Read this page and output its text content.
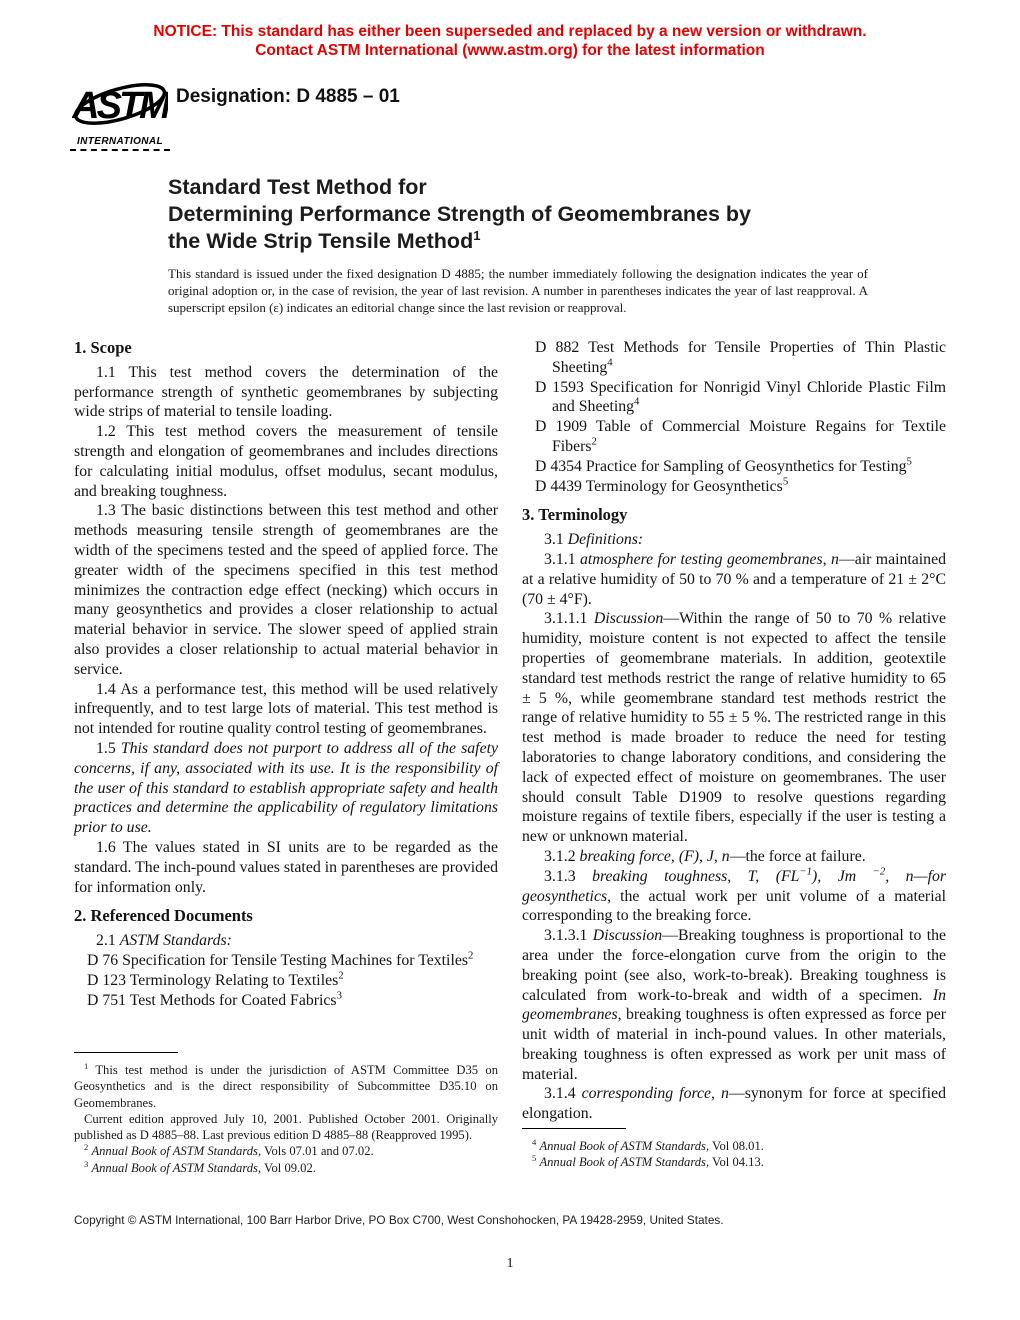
NOTICE: This standard has either been superseded and replaced by a new version or withdrawn.
Contact ASTM International (www.astm.org) for the latest information
ASTM
INTERNATIONAL
Designation: D 4885 – 01
Standard Test Method for
Determining Performance Strength of Geomembranes by
the Wide Strip Tensile Method$^1$

This standard is issued under the fixed designation D 4885; the number immediately following the designation indicates the year of original adoption or, in the case of revision, the year of last revision. A number in parentheses indicates the year of last reapproval. A superscript epsilon (ε) indicates an editorial change since the last revision or reapproval.

1. Scope

1.1 This test method covers the determination of the performance strength of synthetic geomembranes by subjecting wide strips of material to tensile loading.

1.2 This test method covers the measurement of tensile strength and elongation of geomembranes and includes directions for calculating initial modulus, offset modulus, secant modulus, and breaking toughness.

1.3 The basic distinctions between this test method and other methods measuring tensile strength of geomembranes are the width of the specimens tested and the speed of applied force. The greater width of the specimens specified in this test method minimizes the contraction edge effect (necking) which occurs in many geosynthetics and provides a closer relationship to actual material behavior in service. The slower speed of applied strain also provides a closer relationship to actual material behavior in service.

1.4 As a performance test, this method will be used relatively infrequently, and to test large lots of material. This test method is not intended for routine quality control testing of geomembranes.

1.5 This standard does not purport to address all of the safety concerns, if any, associated with its use. It is the responsibility of the user of this standard to establish appropriate safety and health practices and determine the applicability of regulatory limitations prior to use.

1.6 The values stated in SI units are to be regarded as the standard. The inch-pound values stated in parentheses are provided for information only.

2. Referenced Documents

2.1 ASTM Standards:

D 76 Specification for Tensile Testing Machines for Textiles$^2$

D 123 Terminology Relating to Textiles$^2$

D 751 Test Methods for Coated Fabrics$^3$

D 882 Test Methods for Tensile Properties of Thin Plastic Sheeting$^4$

D 1593 Specification for Nonrigid Vinyl Chloride Plastic Film and Sheeting$^4$

D 1909 Table of Commercial Moisture Regains for Textile Fibers$^2$

D 4354 Practice for Sampling of Geosynthetics for Testing$^5$

D 4439 Terminology for Geosynthetics$^5$

3. Terminology

3.1 Definitions:

3.1.1 atmosphere for testing geomembranes, n—air maintained at a relative humidity of 50 to 70 % and a temperature of 21 ± 2°C (70 ± 4°F).

3.1.1.1 Discussion—Within the range of 50 to 70 % relative humidity, moisture content is not expected to affect the tensile properties of geomembrane materials. In addition, geotextile standard test methods restrict the range of relative humidity to 65 ± 5 %, while geomembrane standard test methods restrict the range of relative humidity to 55 ± 5 %. The restricted range in this test method is made broader to reduce the need for testing laboratories to change laboratory conditions, and considering the lack of expected effect of moisture on geomembranes. The user should consult Table D1909 to resolve questions regarding moisture regains of textile fibers, especially if the user is testing a new or unknown material.

3.1.2 breaking force, (F), J, n—the force at failure.

3.1.3 breaking toughness, T, $(FL^{-1})$, Jm $^{-2}$, n—for geosynthetics, the actual work per unit volume of a material corresponding to the breaking force.

3.1.3.1 Discussion—Breaking toughness is proportional to the area under the force-elongation curve from the origin to the breaking point (see also, work-to-break). Breaking toughness is calculated from work-to-break and width of a specimen. In geomembranes, breaking toughness is often expressed as force per unit width of material in inch-pound values. In other materials, breaking toughness is often expressed as work per unit mass of material.

3.1.4 corresponding force, n—synonym for force at specified elongation.

$^1$ This test method is under the jurisdiction of ASTM Committee D35 on Geosynthetics and is the direct responsibility of Subcommittee D35.10 on Geomembranes.

Current edition approved July 10, 2001. Published October 2001. Originally published as D 4885–88. Last previous edition D 4885–88 (Reapproved 1995).

$^2$ Annual Book of ASTM Standards, Vols 07.01 and 07.02.

$^3$ Annual Book of ASTM Standards, Vol 09.02.

$^4$ Annual Book of ASTM Standards, Vol 08.01.

$^5$ Annual Book of ASTM Standards, Vol 04.13.

Copyright © ASTM International, 100 Barr Harbor Drive, PO Box C700, West Conshohocken, PA 19428-2959, United States.
1
